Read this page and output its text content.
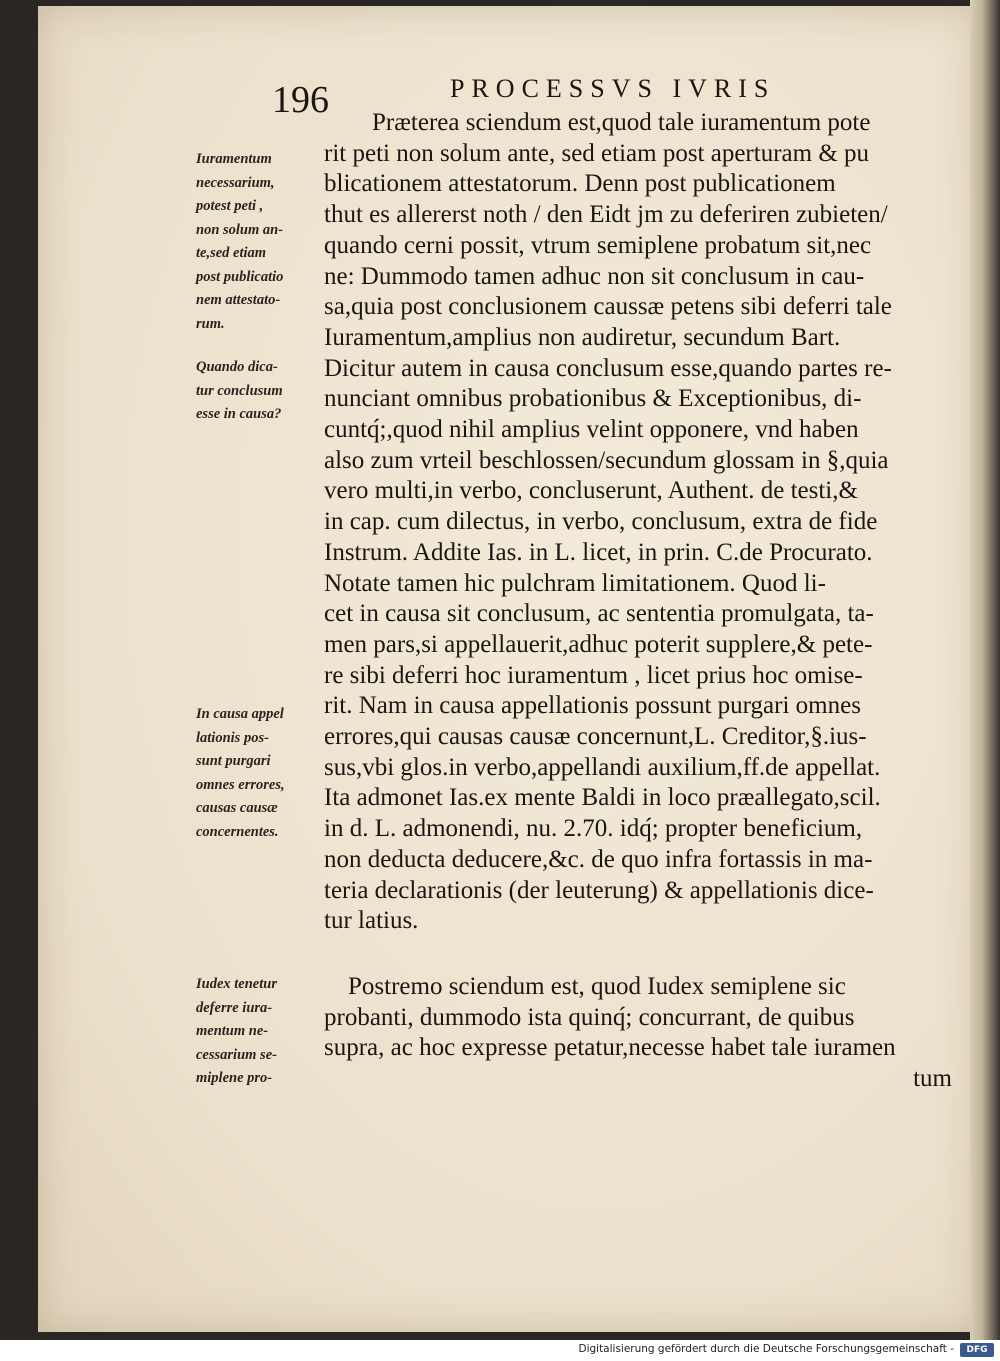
196	PROCESSVS IVRIS
Iuramentum
necessarium,
potest peti ,
non solum an-
te,sed etiam
post publicatio
nem attestato-
rum.
Quando dica-
tur conclusum
esse in causa?
In causa appel
lationis pos-
sunt purgari
omnes errores,
causas causæ
concernentes.
Iudex tenetur
deferre iura-
mentum ne-
cessarium se-
miplene pro-
Præterea sciendum est,quod tale iuramentum pote
rit peti non solum ante, sed etiam post aperturam & pu
blicationem attestatorum. Denn post publicationem
thut es allererst noth / den Eidt jm zu deferiren zubieten/
quando cerni possit, vtrum semiplene probatum sit,nec
ne: Dummodo tamen adhuc non sit conclusum in cau-
sa,quia post conclusionem caussæ petens sibi deferri tale
Iuramentum,amplius non audiretur, secundum Bart.
Dicitur autem in causa conclusum esse,quando partes re-
nunciant omnibus probationibus & Exceptionibus, di-
cuntq́;,quod nihil amplius velint opponere, vnd haben
also zum vrteil beschlossen/secundum glossam in §,quia
vero multi,in verbo, concluserunt, Authent. de testi,&
in cap. cum dilectus, in verbo, conclusum, extra de fide
Instrum. Addite Ias. in L. licet, in prin. C.de Procurato.
Notate tamen hic pulchram limitationem. Quod li-
cet in causa sit conclusum, ac sententia promulgata, ta-
men pars,si appellauerit,adhuc poterit supplere,& pete-
re sibi deferri hoc iuramentum , licet prius hoc omise-
rit. Nam in causa appellationis possunt purgari omnes
errores,qui causas causæ concernunt,L. Creditor,§.ius-
sus,vbi glos.in verbo,appellandi auxilium,ff.de appellat.
Ita admonet Ias.ex mente Baldi in loco præallegato,scil.
in d. L. admonendi, nu. 2.70. idq́; propter beneficium,
non deducta deducere,&c. de quo infra fortassis in ma-
teria declarationis (der leuterung) & appellationis dice-
tur latius.
Postremo sciendum est, quod Iudex semiplene sic
probanti, dummodo ista quinq́; concurrant, de quibus
supra, ac hoc expresse petatur,necesse habet tale iuramen
tum
Digitalisierung gefördert durch die Deutsche Forschungsgemeinschaft -	DFG
